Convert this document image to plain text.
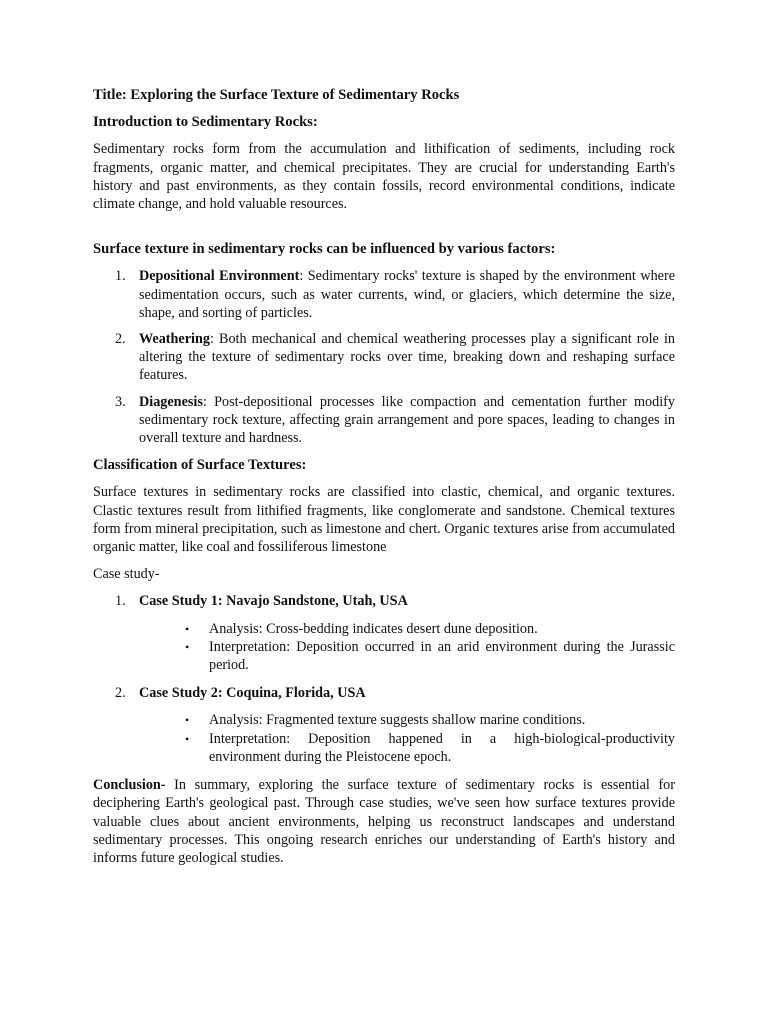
Title: Exploring the Surface Texture of Sedimentary Rocks

Introduction to Sedimentary Rocks:

Sedimentary rocks form from the accumulation and lithification of sediments, including rock fragments, organic matter, and chemical precipitates. They are crucial for understanding Earth's history and past environments, as they contain fossils, record environmental conditions, indicate climate change, and hold valuable resources.

Surface texture in sedimentary rocks can be influenced by various factors:

1. Depositional Environment: Sedimentary rocks' texture is shaped by the environment where sedimentation occurs, such as water currents, wind, or glaciers, which determine the size, shape, and sorting of particles.
2. Weathering: Both mechanical and chemical weathering processes play a significant role in altering the texture of sedimentary rocks over time, breaking down and reshaping surface features.
3. Diagenesis: Post-depositional processes like compaction and cementation further modify sedimentary rock texture, affecting grain arrangement and pore spaces, leading to changes in overall texture and hardness.

Classification of Surface Textures:

Surface textures in sedimentary rocks are classified into clastic, chemical, and organic textures. Clastic textures result from lithified fragments, like conglomerate and sandstone. Chemical textures form from mineral precipitation, such as limestone and chert. Organic textures arise from accumulated organic matter, like coal and fossiliferous limestone

Case study-

1. Case Study 1: Navajo Sandstone, Utah, USA
• Analysis: Cross-bedding indicates desert dune deposition.
• Interpretation: Deposition occurred in an arid environment during the Jurassic period.
2. Case Study 2: Coquina, Florida, USA
• Analysis: Fragmented texture suggests shallow marine conditions.
• Interpretation: Deposition happened in a high-biological-productivity environment during the Pleistocene epoch.

Conclusion- In summary, exploring the surface texture of sedimentary rocks is essential for deciphering Earth's geological past. Through case studies, we've seen how surface textures provide valuable clues about ancient environments, helping us reconstruct landscapes and understand sedimentary processes. This ongoing research enriches our understanding of Earth's history and informs future geological studies.
